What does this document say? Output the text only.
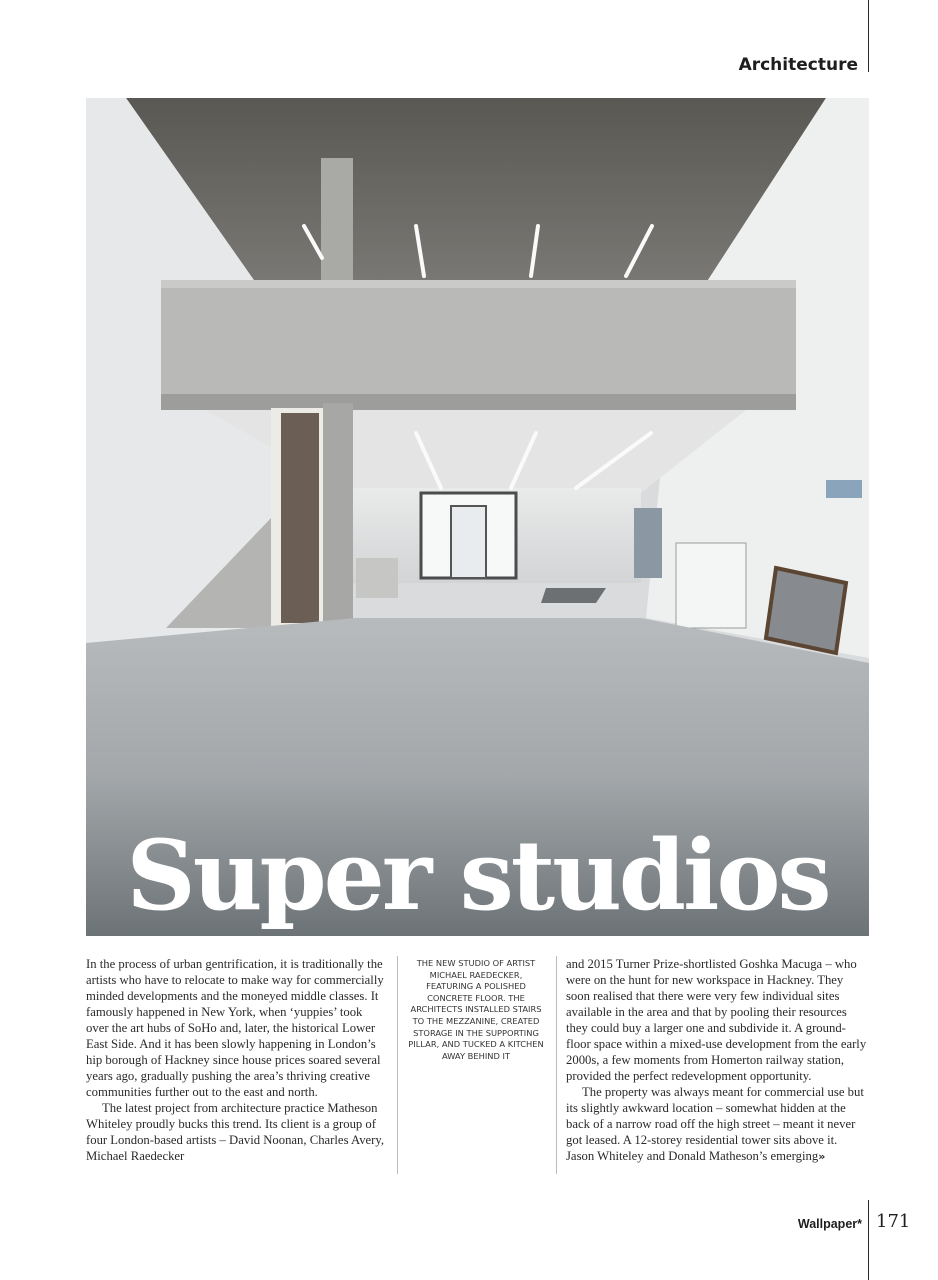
Architecture
Super studios

In the process of urban gentrification, it is traditionally the artists who have to relocate to make way for commercially minded developments and the moneyed middle classes. It famously happened in New York, when ‘yuppies’ took over the art hubs of SoHo and, later, the historical Lower East Side. And it has been slowly happening in London’s hip borough of Hackney since house prices soared several years ago, gradually pushing the area’s thriving creative communities further out to the east and north.

The latest project from architecture practice Matheson Whiteley proudly bucks this trend. Its client is a group of four London-based artists – David Noonan, Charles Avery, Michael Raedecker

THE NEW STUDIO OF ARTIST MICHAEL RAEDECKER, FEATURING A POLISHED CONCRETE FLOOR. THE ARCHITECTS INSTALLED STAIRS TO THE MEZZANINE, CREATED STORAGE IN THE SUPPORTING PILLAR, AND TUCKED A KITCHEN AWAY BEHIND IT

and 2015 Turner Prize-shortlisted Goshka Macuga – who were on the hunt for new workspace in Hackney. They soon realised that there were very few individual sites available in the area and that by pooling their resources they could buy a larger one and subdivide it. A ground-floor space within a mixed-use development from the early 2000s, a few moments from Homerton railway station, provided the perfect redevelopment opportunity.

The property was always meant for commercial use but its slightly awkward location – somewhat hidden at the back of a narrow road off the high street – meant it never got leased. A 12-storey residential tower sits above it. Jason Whiteley and Donald Matheson’s emerging»

Wallpaper* 171
